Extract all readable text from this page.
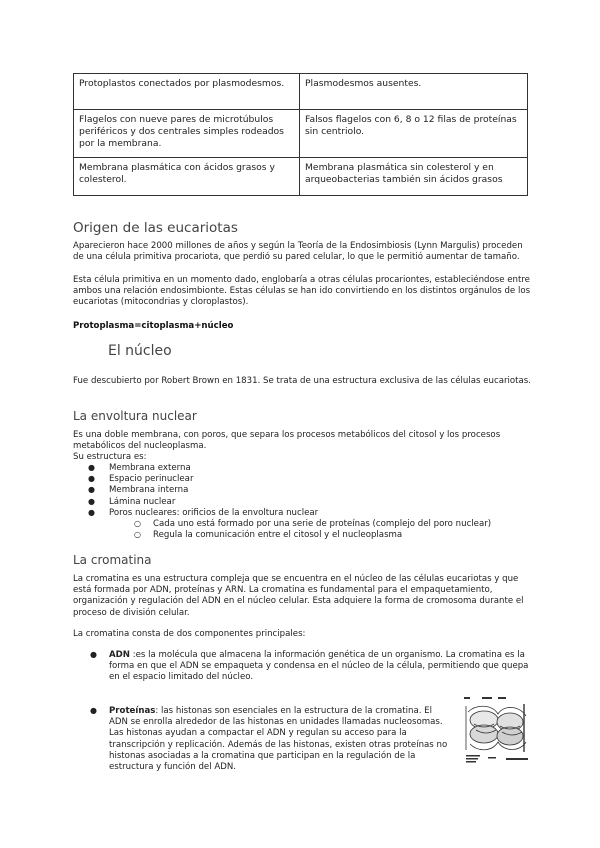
Protoplastos conectados por plasmodesmos.	Plasmodesmos ausentes.
Flagelos con nueve pares de microtúbulos periféricos y dos centrales simples rodeados por la membrana.	Falsos flagelos con 6, 8 o 12 filas de proteínas sin centriolo.
Membrana plasmática con ácidos grasos y colesterol.	Membrana plasmática sin colesterol y en arqueobacterias también sin ácidos grasos
Origen de las eucariotas
Aparecieron hace 2000 millones de años y según la Teoría de la Endosimbiosis (Lynn Margulis) proceden de una célula primitiva procariota, que perdió su pared celular, lo que le permitió aumentar de tamaño.
Esta célula primitiva en un momento dado, englobaría a otras células procariontes, estableciéndose entre ambos una relación endosimbionte. Estas células se han ido convirtiendo en los distintos orgánulos de los eucariotas (mitocondrias y cloroplastos).
Protoplasma=citoplasma+núcleo
El núcleo
Fue descubierto por Robert Brown en 1831. Se trata de una estructura exclusiva de las células eucariotas.
La envoltura nuclear
Es una doble membrana, con poros, que separa los procesos metabólicos del citosol y los procesos metabólicos del nucleoplasma.
Su estructura es:
● Membrana externa
● Espacio perinuclear
● Membrana interna
● Lámina nuclear
● Poros nucleares: orificios de la envoltura nuclear
○ Cada uno está formado por una serie de proteínas (complejo del poro nuclear)
○ Regula la comunicación entre el citosol y el nucleoplasma
La cromatina
La cromatina es una estructura compleja que se encuentra en el núcleo de las células eucariotas y que está formada por ADN, proteínas y ARN. La cromatina es fundamental para el empaquetamiento, organización y regulación del ADN en el núcleo celular. Esta adquiere la forma de cromosoma durante el proceso de división celular.
La cromatina consta de dos componentes principales:
●	ADN :es la molécula que almacena la información genética de un organismo. La cromatina es la forma en que el ADN se empaqueta y condensa en el núcleo de la célula, permitiendo que quepa en el espacio limitado del núcleo.
●	Proteínas: las histonas son esenciales en la estructura de la cromatina. El ADN se enrolla alrededor de las histonas en unidades llamadas nucleosomas. Las histonas ayudan a compactar el ADN y regulan su acceso para la transcripción y replicación. Además de las histonas, existen otras proteínas no histonas asociadas a la cromatina que participan en la regulación de la estructura y función del ADN.
